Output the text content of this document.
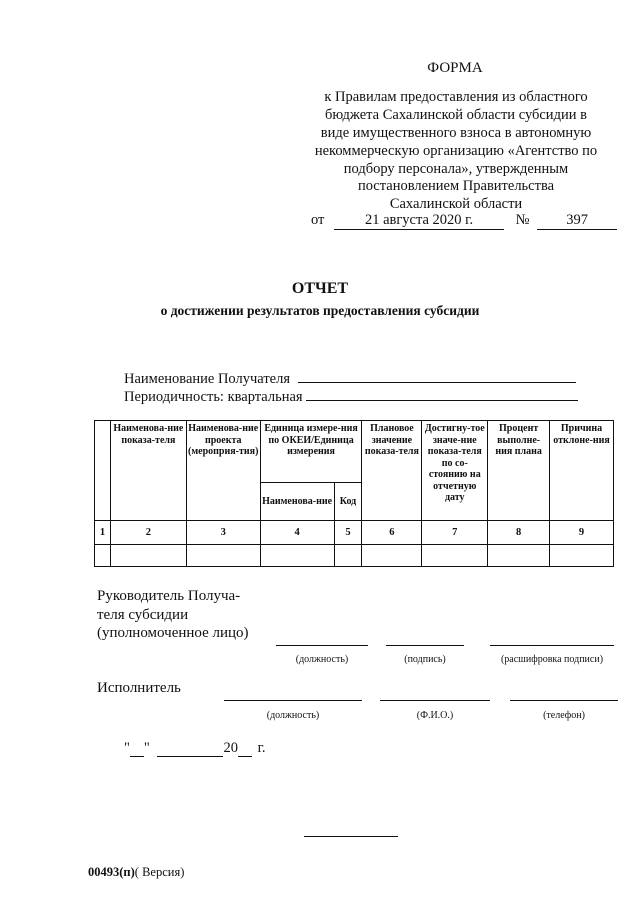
ФОРМА
к Правилам предоставления из областного
бюджета Сахалинской области субсидии в
виде имущественного взноса в автономную
некоммерческую организацию «Агентство по
подбору персонала», утвержденным
постановлением Правительства
Сахалинской области
от	21 августа 2020 г.	№	397
ОТЧЕТ
о достижении результатов предоставления субсидии
Наименование Получателя
Периодичность: квартальная
	Наименова-ние показа-теля	Наименова-ние проекта (мероприя-тия)	Единица измере-ния по ОКЕИ/Единица измерения		Плановое значение показа-теля	Достигну-тое значе-ние показа-теля по со-стоянию на отчетную дату	Процент выполне-ния плана	Причина отклоне-ния
			Наименова-ние	Код				
1	2	3	4	5	6	7	8	9

Руководитель Получа-
теля субсидии
(уполномоченное лицо)
(должность)	(подпись)	(расшифровка подписи)
Исполнитель
(должность)	(Ф.И.О.)	(телефон)
" "	20 г.
00493(п)( Версия)
